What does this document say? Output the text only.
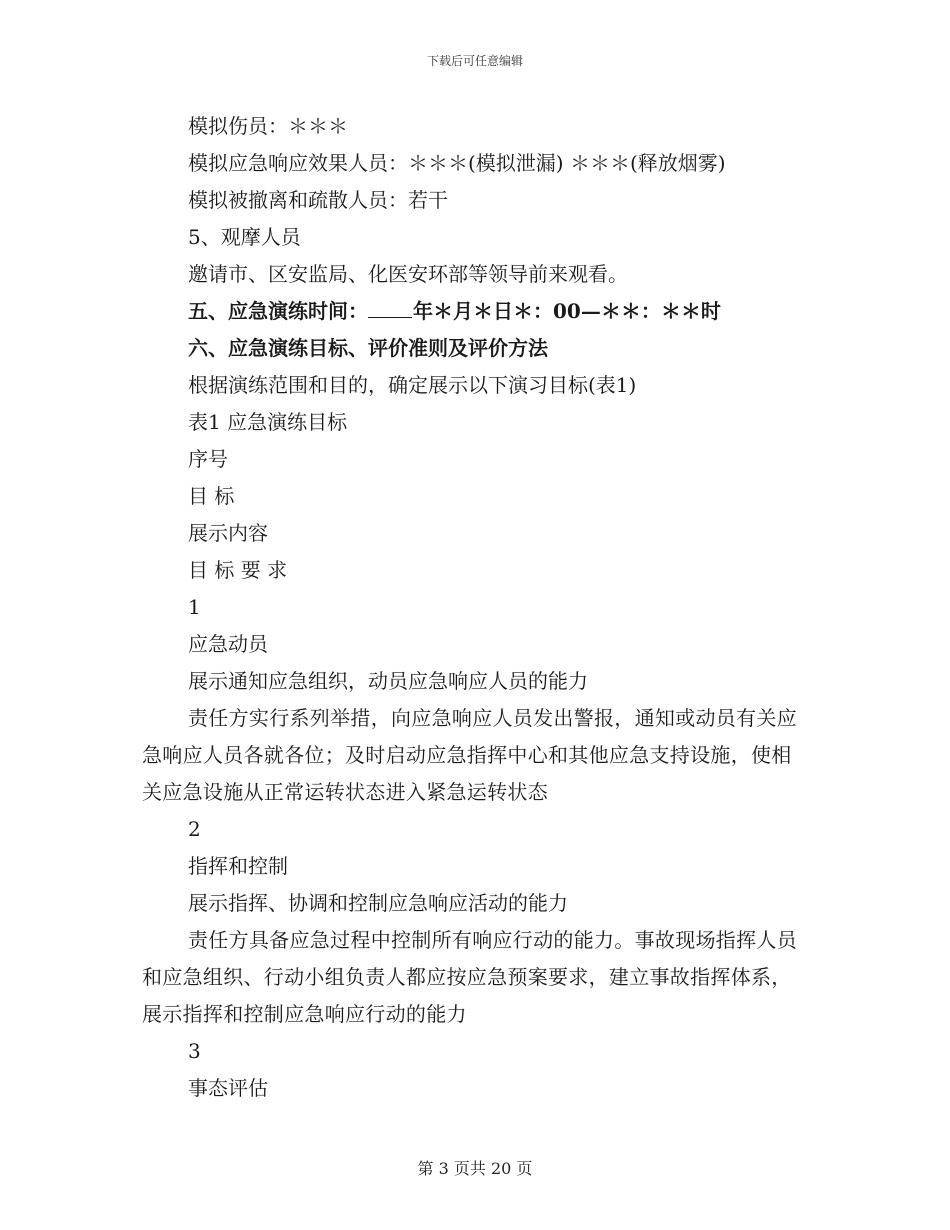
下载后可任意编辑
模拟伤员：＊＊＊
模拟应急响应效果人员：＊＊＊(模拟泄漏) ＊＊＊(释放烟雾)
模拟被撤离和疏散人员：若干
5、观摩人员
邀请市、区安监局、化医安环部等领导前来观看。
五、应急演练时间： 年＊月＊日＊：00—＊＊：＊＊时
六、应急演练目标、评价准则及评价方法
根据演练范围和目的，确定展示以下演习目标(表1)
表1 应急演练目标
序号
目 标
展示内容
目 标 要 求
1
应急动员
展示通知应急组织，动员应急响应人员的能力
责任方实行系列举措，向应急响应人员发出警报，通知或动员有关应急响应人员各就各位；及时启动应急指挥中心和其他应急支持设施，使相关应急设施从正常运转状态进入紧急运转状态
2
指挥和控制
展示指挥、协调和控制应急响应活动的能力
责任方具备应急过程中控制所有响应行动的能力。事故现场指挥人员和应急组织、行动小组负责人都应按应急预案要求，建立事故指挥体系，展示指挥和控制应急响应行动的能力
3
事态评估
第 3 页共 20 页
